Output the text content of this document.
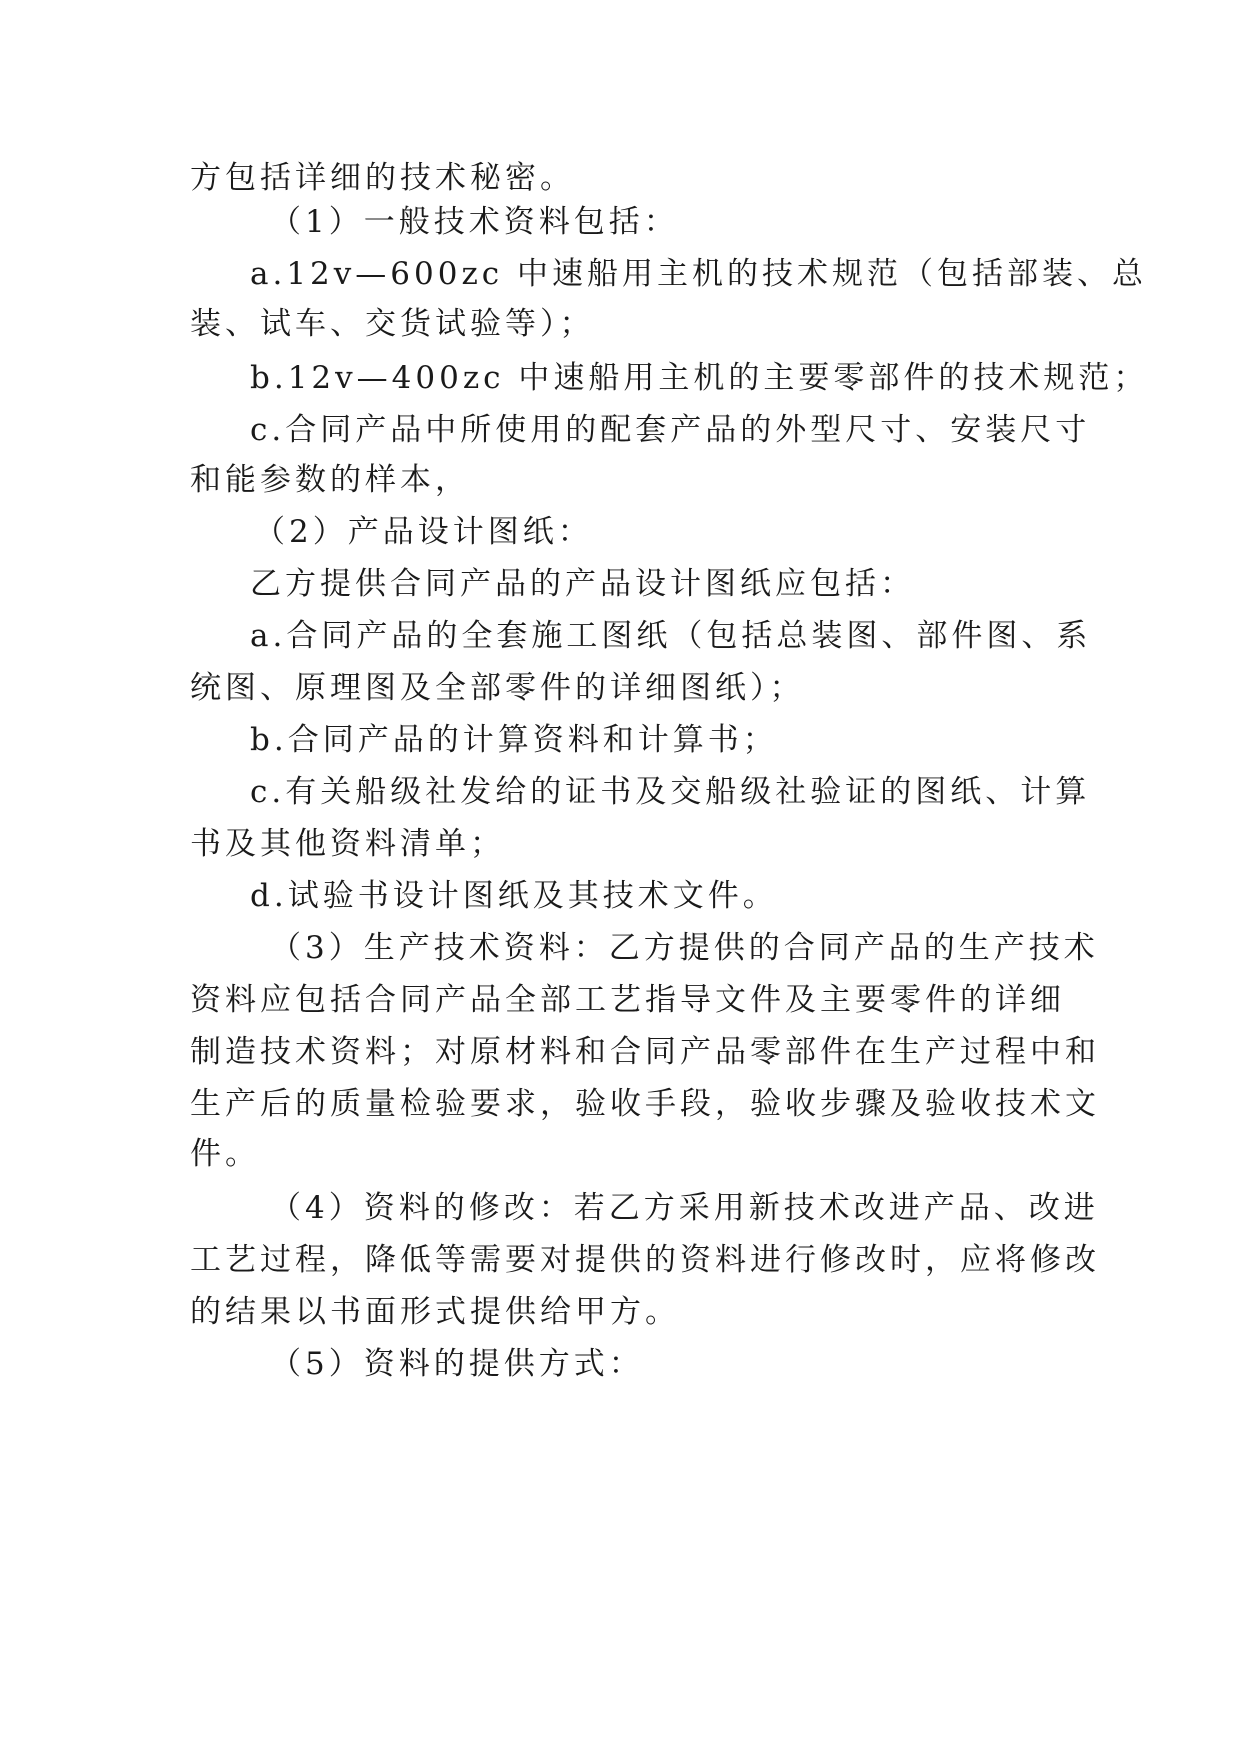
方包括详细的技术秘密。
（1）一般技术资料包括：
a.12v—600zc 中速船用主机的技术规范（包括部装、总
装、试车、交货试验等）；
b.12v—400zc 中速船用主机的主要零部件的技术规范；
c.合同产品中所使用的配套产品的外型尺寸、安装尺寸
和能参数的样本，
（2）产品设计图纸：
乙方提供合同产品的产品设计图纸应包括：
a.合同产品的全套施工图纸（包括总装图、部件图、系
统图、原理图及全部零件的详细图纸）；
b.合同产品的计算资料和计算书；
c.有关船级社发给的证书及交船级社验证的图纸、计算
书及其他资料清单；
d.试验书设计图纸及其技术文件。
（3）生产技术资料：乙方提供的合同产品的生产技术
资料应包括合同产品全部工艺指导文件及主要零件的详细
制造技术资料；对原材料和合同产品零部件在生产过程中和
生产后的质量检验要求，验收手段，验收步骤及验收技术文
件。
（4）资料的修改：若乙方采用新技术改进产品、改进
工艺过程，降低等需要对提供的资料进行修改时，应将修改
的结果以书面形式提供给甲方。
（5）资料的提供方式：
